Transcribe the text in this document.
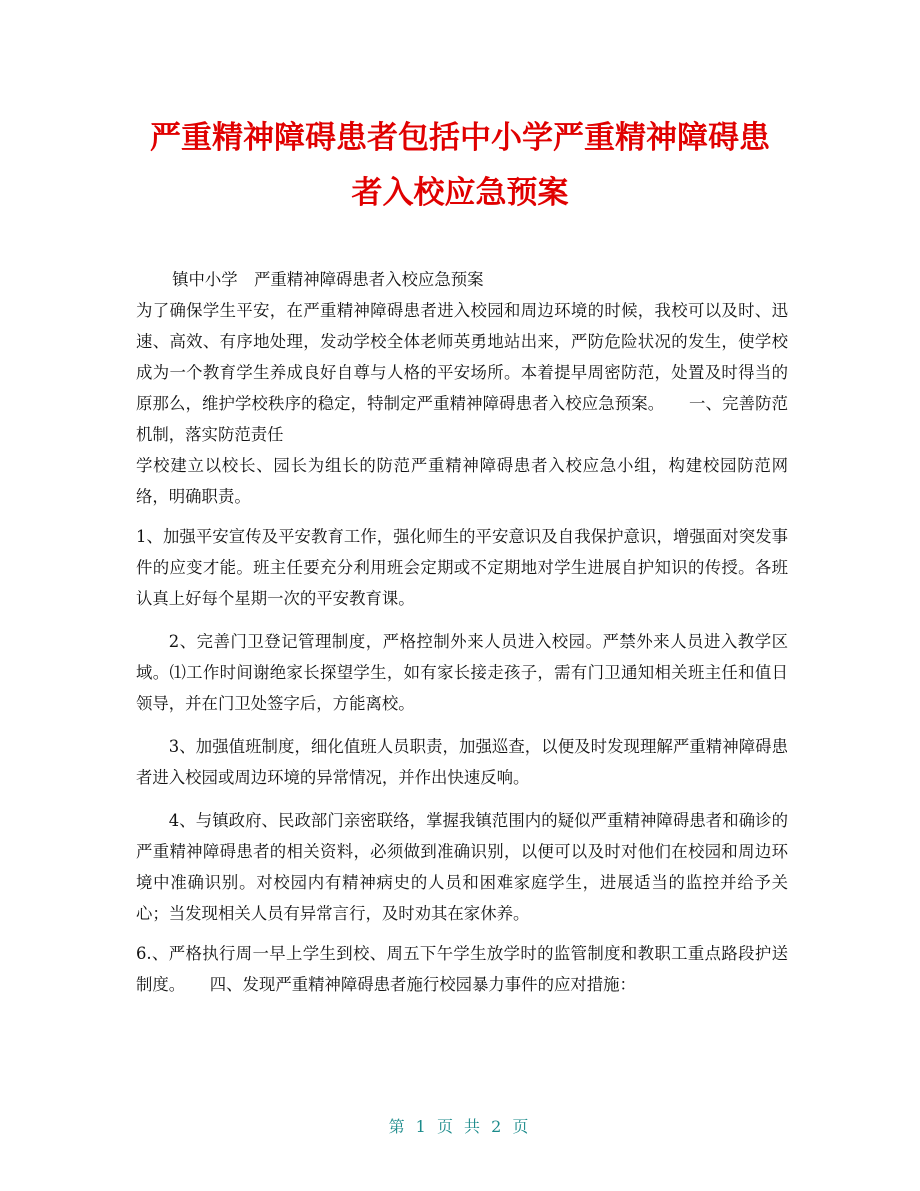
严重精神障碍患者包括中小学严重精神障碍患
者入校应急预案

镇中小学　严重精神障碍患者入校应急预案

为了确保学生平安，在严重精神障碍患者进入校园和周边环境的时候，我校可以及时、迅速、高效、有序地处理，发动学校全体老师英勇地站出来，严防危险状况的发生，使学校成为一个教育学生养成良好自尊与人格的平安场所。本着提早周密防范，处置及时得当的原那么，维护学校秩序的稳定，特制定严重精神障碍患者入校应急预案。　　一、完善防范机制，落实防范责任

学校建立以校长、园长为组长的防范严重精神障碍患者入校应急小组，构建校园防范网络，明确职责。

1、加强平安宣传及平安教育工作，强化师生的平安意识及自我保护意识，增强面对突发事件的应变才能。班主任要充分利用班会定期或不定期地对学生进展自护知识的传授。各班认真上好每个星期一次的平安教育课。

2、完善门卫登记管理制度，严格控制外来人员进入校园。严禁外来人员进入教学区域。⑴工作时间谢绝家长探望学生，如有家长接走孩子，需有门卫通知相关班主任和值日领导，并在门卫处签字后，方能离校。

3、加强值班制度，细化值班人员职责，加强巡查，以便及时发现理解严重精神障碍患者进入校园或周边环境的异常情况，并作出快速反响。

4、与镇政府、民政部门亲密联络，掌握我镇范围内的疑似严重精神障碍患者和确诊的严重精神障碍患者的相关资料，必须做到准确识别，以便可以及时对他们在校园和周边环境中准确识别。对校园内有精神病史的人员和困难家庭学生，进展适当的监控并给予关心；当发现相关人员有异常言行，及时劝其在家休养。

6.、严格执行周一早上学生到校、周五下午学生放学时的监管制度和教职工重点路段护送制度。　　四、发现严重精神障碍患者施行校园暴力事件的应对措施：

第 1 页 共 2 页
